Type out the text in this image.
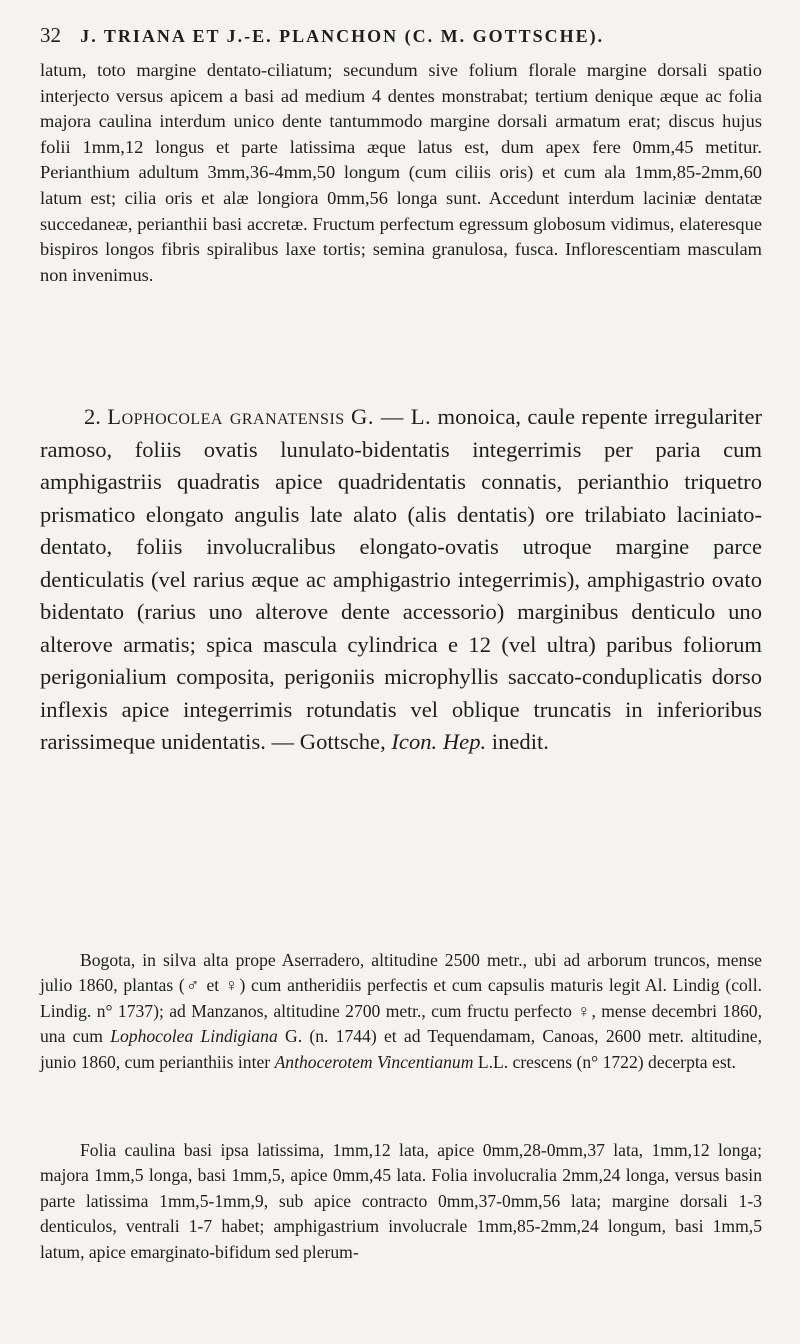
32 J. TRIANA ET J.-E. PLANCHON (C. M. GOTTSCHE).

latum, toto margine dentato-ciliatum; secundum sive folium florale margine dorsali spatio interjecto versus apicem a basi ad medium 4 dentes monstrabat; tertium denique æque ac folia majora caulina interdum unico dente tantummodo margine dorsali armatum erat; discus hujus folii 1mm,12 longus et parte latissima æque latus est, dum apex fere 0mm,45 metitur. Perianthium adultum 3mm,36-4mm,50 longum (cum ciliis oris) et cum ala 1mm,85-2mm,60 latum est; cilia oris et alæ longiora 0mm,56 longa sunt. Accedunt interdum laciniæ dentatæ succedaneæ, perianthii basi accretæ. Fructum perfectum egressum globosum vidimus, elateresque bispiros longos fibris spiralibus laxe tortis; semina granulosa, fusca. Inflorescentiam masculam non invenimus.

2. Lophocolea granatensis G. — L. monoica, caule repente irregulariter ramoso, foliis ovatis lunulato-bidentatis integerrimis per paria cum amphigastriis quadratis apice quadridentatis connatis, perianthio triquetro prismatico elongato angulis late alato (alis dentatis) ore trilabiato laciniato-dentato, foliis involucralibus elongato-ovatis utroque margine parce denticulatis (vel rarius æque ac amphigastrio integerrimis), amphigastrio ovato bidentato (rarius uno alterove dente accessorio) marginibus denticulo uno alterove armatis; spica mascula cylindrica e 12 (vel ultra) paribus foliorum perigonialium composita, perigoniis microphyllis saccato-conduplicatis dorso inflexis apice integerrimis rotundatis vel oblique truncatis in inferioribus rarissimeque unidentatis. — Gottsche, Icon. Hep. inedit.

Bogota, in silva alta prope Aserradero, altitudine 2500 metr., ubi ad arborum truncos, mense julio 1860, plantas (♂ et ♀) cum antheridiis perfectis et cum capsulis maturis legit Al. Lindig (coll. Lindig. n° 1737); ad Manzanos, altitudine 2700 metr., cum fructu perfecto ♀, mense decembri 1860, una cum Lophocolea Lindigiana G. (n. 1744) et ad Tequendamam, Canoas, 2600 metr. altitudine, junio 1860, cum perianthiis inter Anthocerotem Vincentianum L.L. crescens (n° 1722) decerpta est.

Folia caulina basi ipsa latissima, 1mm,12 lata, apice 0mm,28-0mm,37 lata, 1mm,12 longa; majora 1mm,5 longa, basi 1mm,5, apice 0mm,45 lata. Folia involucralia 2mm,24 longa, versus basin parte latissima 1mm,5-1mm,9, sub apice contracto 0mm,37-0mm,56 lata; margine dorsali 1-3 denticulos, ventrali 1-7 habet; amphigastrium involucrale 1mm,85-2mm,24 longum, basi 1mm,5 latum, apice emarginato-bifidum sed plerum-
